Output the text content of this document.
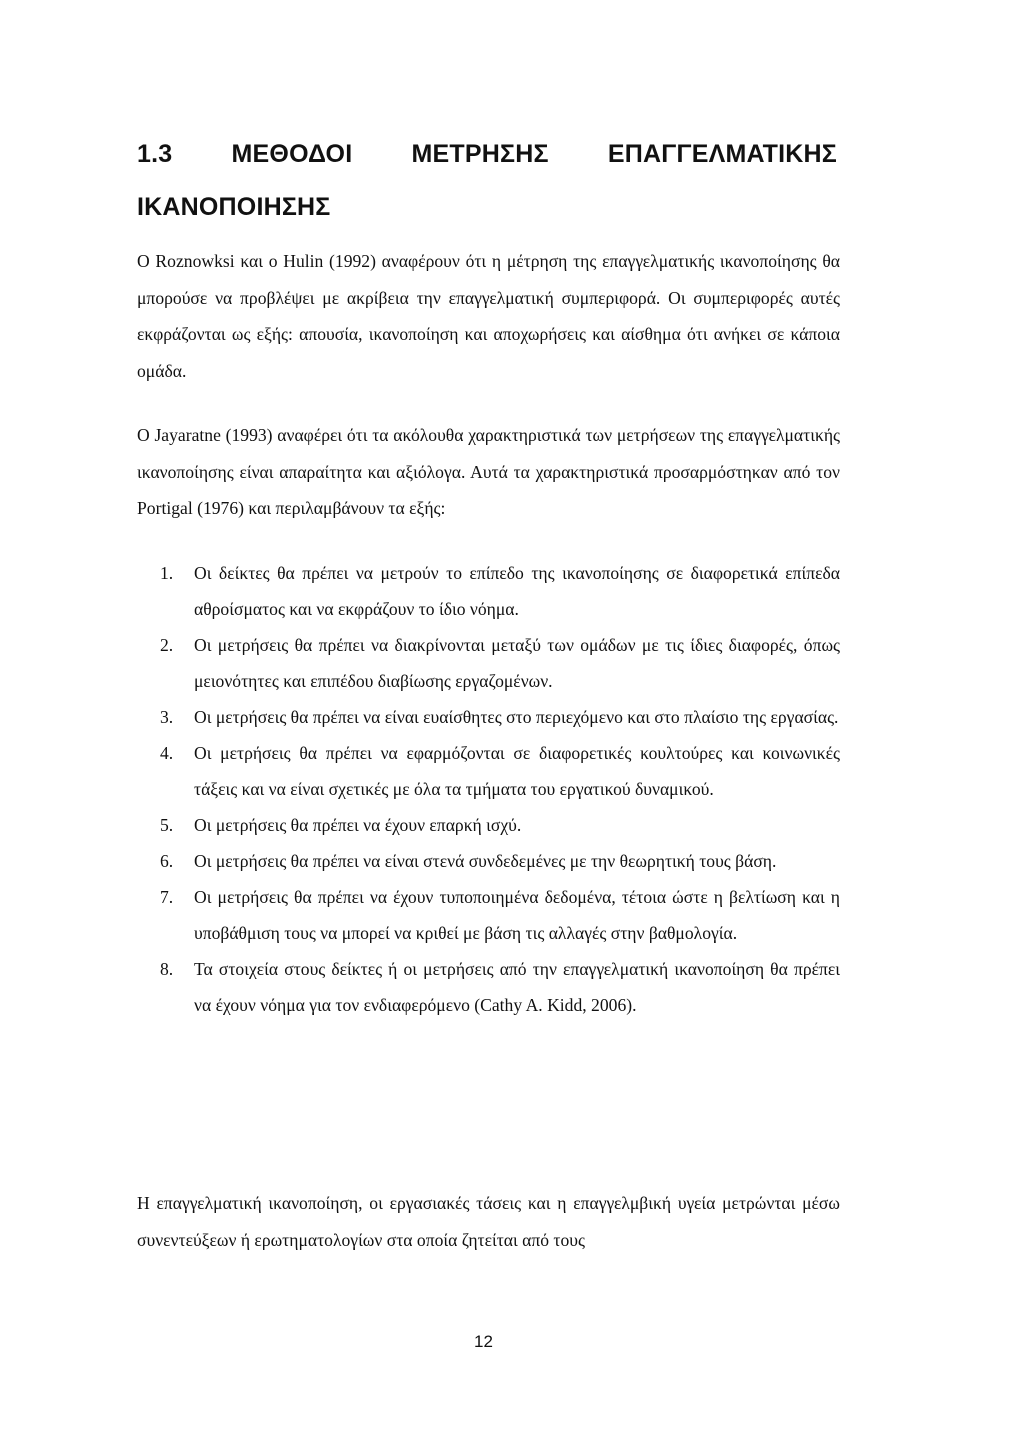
1.3 ΜΕΘΟΔΟΙ ΜΕΤΡΗΣΗΣ ΕΠΑΓΓΕΛΜΑΤΙΚΗΣ
ΙΚΑΝΟΠΟΙΗΣΗΣ

Ο Roznowksi και ο Hulin (1992) αναφέρουν ότι η μέτρηση της επαγγελματικής ικανοποίησης θα μπορούσε να προβλέψει με ακρίβεια την επαγγελματική συμπεριφορά. Οι συμπεριφορές αυτές εκφράζονται ως εξής: απουσία, ικανοποίηση και αποχωρήσεις και αίσθημα ότι ανήκει σε κάποια ομάδα.

Ο Jayaratne (1993) αναφέρει ότι τα ακόλουθα χαρακτηριστικά των μετρήσεων της επαγγελματικής ικανοποίησης είναι απαραίτητα και αξιόλογα. Αυτά τα χαρακτηριστικά προσαρμόστηκαν από τον Portigal (1976) και περιλαμβάνουν τα εξής:

1.	Οι δείκτες θα πρέπει να μετρούν το επίπεδο της ικανοποίησης σε διαφορετικά επίπεδα αθροίσματος και να εκφράζουν το ίδιο νόημα.
2.	Οι μετρήσεις θα πρέπει να διακρίνονται μεταξύ των ομάδων με τις ίδιες διαφορές, όπως μειονότητες και επιπέδου διαβίωσης εργαζομένων.
3.	Οι μετρήσεις θα πρέπει να είναι ευαίσθητες στο περιεχόμενο και στο πλαίσιο της εργασίας.
4.	Οι μετρήσεις θα πρέπει να εφαρμόζονται σε διαφορετικές κουλτούρες και κοινωνικές τάξεις και να είναι σχετικές με όλα τα τμήματα του εργατικού δυναμικού.
5.	Οι μετρήσεις θα πρέπει να έχουν επαρκή ισχύ.
6.	Οι μετρήσεις θα πρέπει να είναι στενά συνδεδεμένες με την θεωρητική τους βάση.
7.	Οι μετρήσεις θα πρέπει να έχουν τυποποιημένα δεδομένα, τέτοια ώστε η βελτίωση και η υποβάθμιση τους να μπορεί να κριθεί με βάση τις αλλαγές στην βαθμολογία.
8.	Τα στοιχεία στους δείκτες ή οι μετρήσεις από την επαγγελματική ικανοποίηση θα πρέπει να έχουν νόημα για τον ενδιαφερόμενο (Cathy A. Kidd, 2006).

Η επαγγελματική ικανοποίηση, οι εργασιακές τάσεις και η επαγγελμβική υγεία μετρώνται μέσω συνεντεύξεων ή ερωτηματολογίων στα οποία ζητείται από τους

12
